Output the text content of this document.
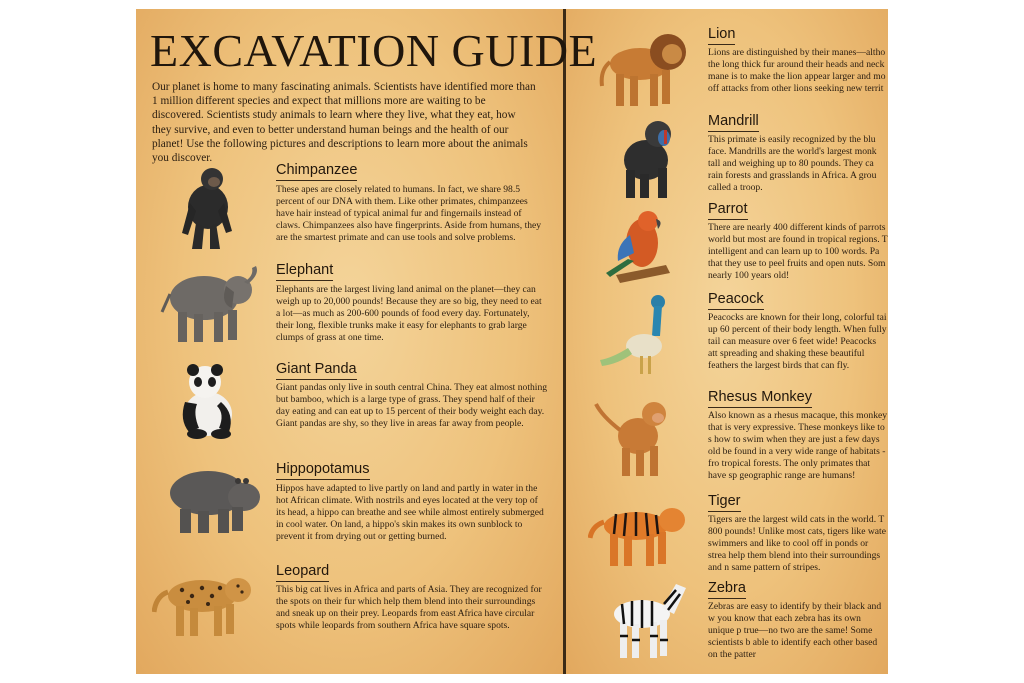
EXCAVATION GUIDE

Our planet is home to many fascinating animals. Scientists have identified more than 1 million different species and expect that millions more are waiting to be discovered. Scientists study animals to learn where they live, what they eat, how they survive, and even to better understand human beings and the health of our planet! Use the following pictures and descriptions to learn more about the animals you discover.

Chimpanzee

These apes are closely related to humans. In fact, we share 98.5 percent of our DNA with them. Like other primates, chimpanzees have hair instead of typical animal fur and fingernails instead of claws. Chimpanzees also have fingerprints. Aside from humans, they are the smartest primate and can use tools and solve problems.

Elephant

Elephants are the largest living land animal on the planet—they can weigh up to 20,000 pounds! Because they are so big, they need to eat a lot—as much as 200-600 pounds of food every day. Fortunately, their long, flexible trunks make it easy for elephants to grab large clumps of grass at one time.

Giant Panda

Giant pandas only live in south central China. They eat almost nothing but bamboo, which is a large type of grass. They spend half of their day eating and can eat up to 15 percent of their body weight each day. Giant pandas are shy, so they live in areas far away from people.

Hippopotamus

Hippos have adapted to live partly on land and partly in water in the hot African climate. With nostrils and eyes located at the very top of its head, a hippo can breathe and see while almost entirely submerged in cool water. On land, a hippo's skin makes its own sunblock to prevent it from drying out or getting burned.

Leopard

This big cat lives in Africa and parts of Asia. They are recognized for the spots on their fur which help them blend into their surroundings and sneak up on their prey. Leopards from east Africa have circular spots while leopards from southern Africa have square spots.

Lion

Lions are distinguished by their manes—altho the long thick fur around their heads and neck mane is to make the lion appear larger and mo off attacks from other lions seeking new territ

Mandrill

This primate is easily recognized by the blu face. Mandrills are the world's largest monk tall and weighing up to 80 pounds. They ca rain forests and grasslands in Africa. A grou called a troop.

Parrot

There are nearly 400 different kinds of parrots world but most are found in tropical regions. T intelligent and can learn up to 100 words. Pa that they use to peel fruits and open nuts. Som nearly 100 years old!

Peacock

Peacocks are known for their long, colorful tai up 60 percent of their body length. When fully tail can measure over 6 feet wide! Peacocks att spreading and shaking these beautiful feathers the largest birds that can fly.

Rhesus Monkey

Also known as a rhesus macaque, this monkey that is very expressive. These monkeys like to s how to swim when they are just a few days old be found in a very wide range of habitats - fro tropical forests. The only primates that have sp geographic range are humans!

Tiger

Tigers are the largest wild cats in the world. T 800 pounds! Unlike most cats, tigers like wate swimmers and like to cool off in ponds or strea help them blend into their surroundings and n same pattern of stripes.

Zebra

Zebras are easy to identify by their black and w you know that each zebra has its own unique p true—no two are the same! Some scientists b able to identify each other based on the patter
